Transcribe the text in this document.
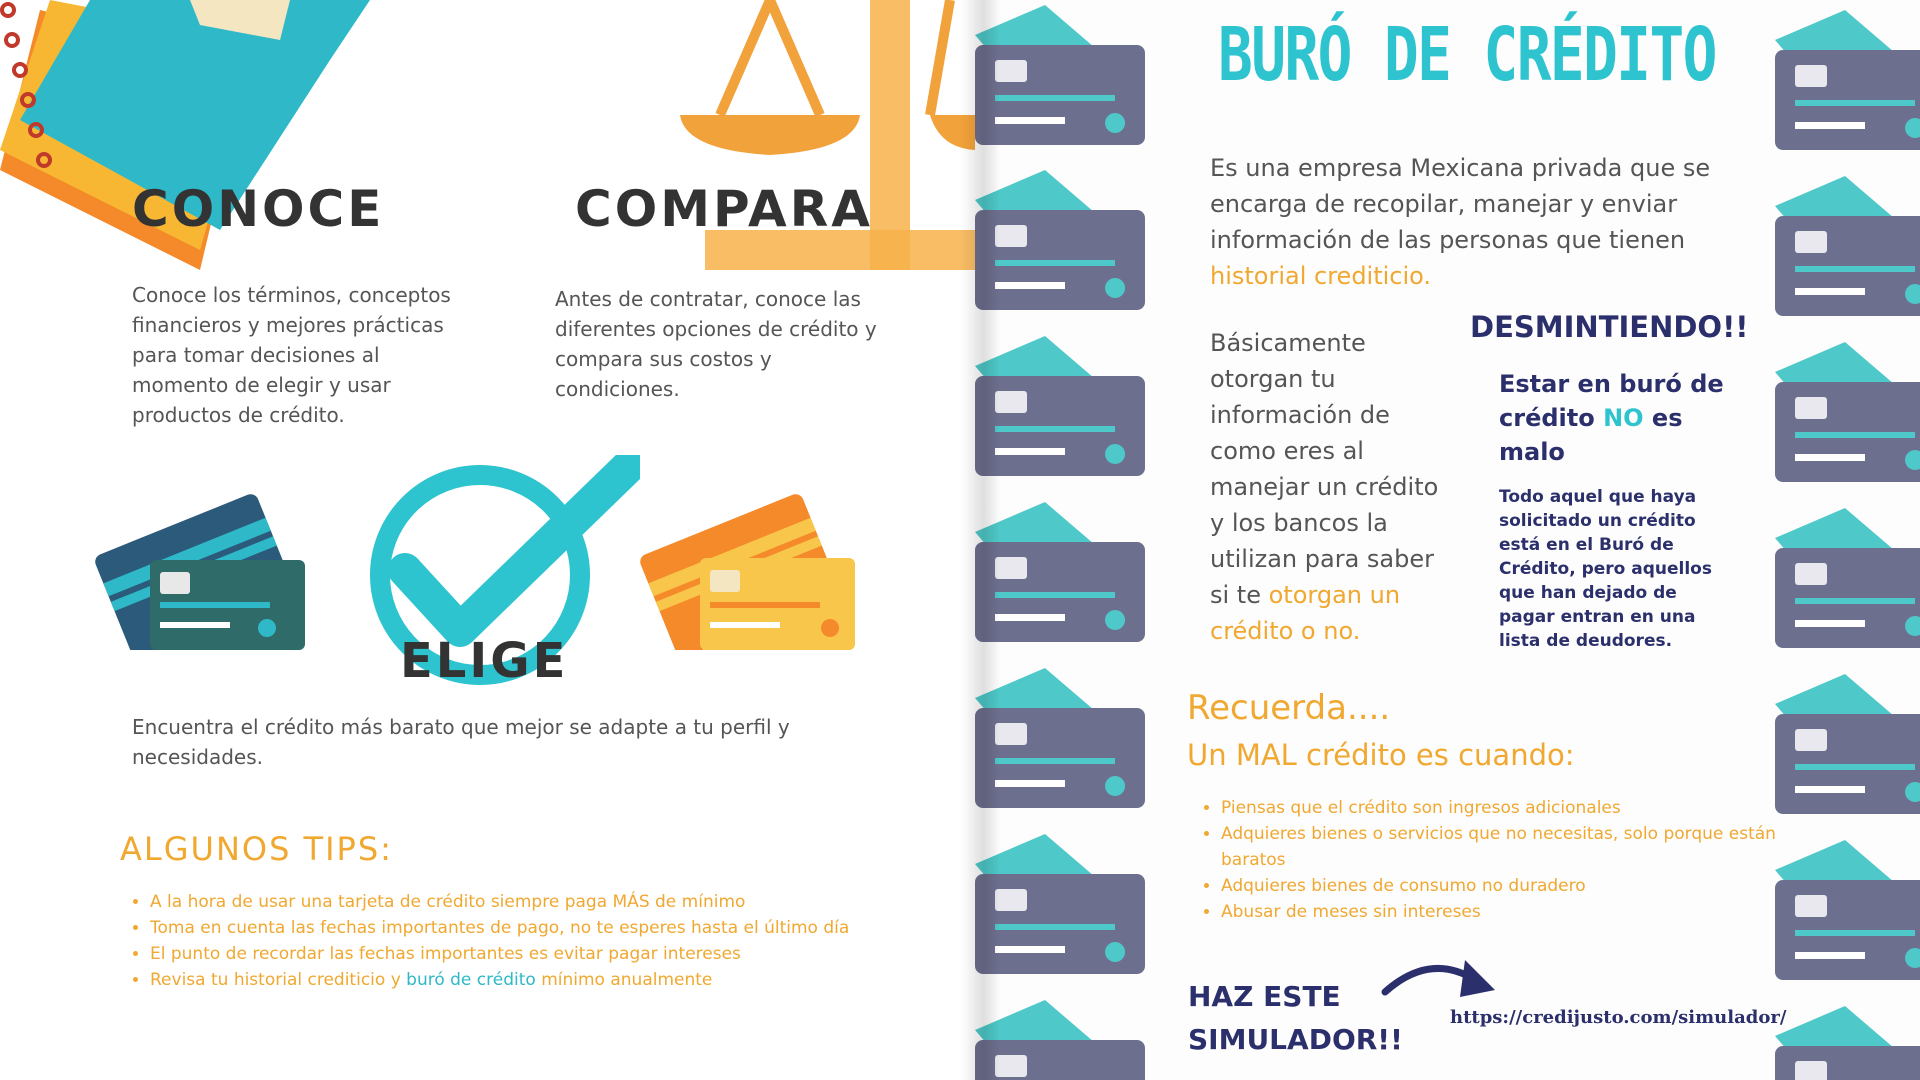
CONOCE
Conoce los términos, conceptos financieros y mejores prácticas para tomar decisiones al momento de elegir y usar productos de crédito.
COMPARA
Antes de contratar, conoce las diferentes opciones de crédito y compara sus costos y condiciones.
ELIGE
Encuentra el crédito más barato que mejor se adapte a tu perfil y necesidades.
ALGUNOS TIPS:
• A la hora de usar una tarjeta de crédito siempre paga MÁS de mínimo
• Toma en cuenta las fechas importantes de pago, no te esperes hasta el último día
• El punto de recordar las fechas importantes es evitar pagar intereses
• Revisa tu historial crediticio y buró de crédito mínimo anualmente
BURÓ DE CRÉDITO
Es una empresa Mexicana privada que se encarga de recopilar, manejar y enviar información de las personas que tienen historial crediticio.
Básicamente otorgan tu información de como eres al manejar un crédito y los bancos la utilizan para saber si te otorgan un crédito o no.
DESMINTIENDO!!
Estar en buró de crédito NO es malo
Todo aquel que haya solicitado un crédito está en el Buró de Crédito, pero aquellos que han dejado de pagar entran en una lista de deudores.
Recuerda....
Un MAL crédito es cuando:
• Piensas que el crédito son ingresos adicionales
• Adquieres bienes o servicios que no necesitas, solo porque están baratos
• Adquieres bienes de consumo no duradero
• Abusar de meses sin intereses
HAZ ESTE SIMULADOR!!
https://credijusto.com/simulador/
